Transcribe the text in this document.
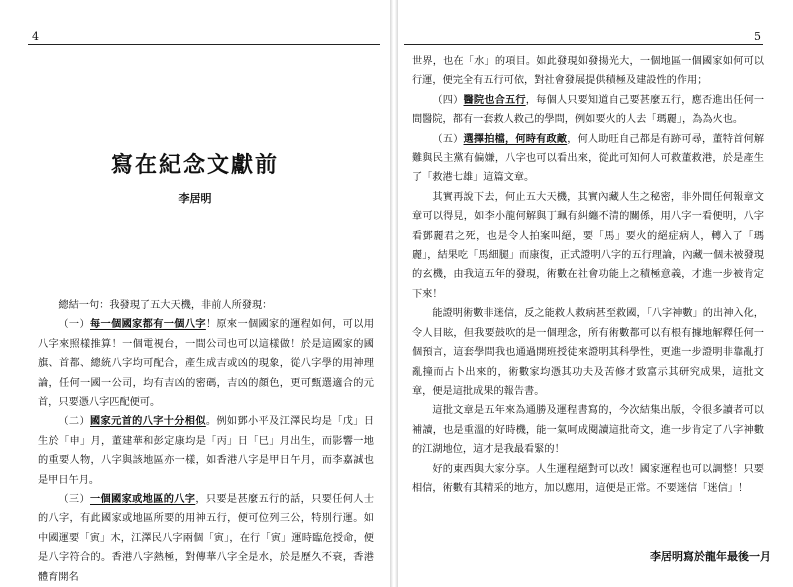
4
寫在紀念文獻前
李居明

總結一句：我發現了五大天機，非前人所發現：

（一）每一個國家都有一個八字！原來一個國家的運程如何，可以用八字來照樣推算！一個電視台，一間公司也可以這樣做！於是這國家的國旗、首都、總統八字均可配合，產生成吉或凶的現象，從八字學的用神理論，任何一國一公司，均有吉凶的密碼，吉凶的顏色，更可甄選適合的元首，只要憑八字匹配便可。

（二）國家元首的八字十分相似。例如鄧小平及江澤民均是「戊」日生於「申」月，董建華和彭定康均是「丙」日「巳」月出生，而影響一地的重要人物，八字與該地區亦一樣，如香港八字是甲日午月，而李嘉誠也是甲日午月。

（三）一個國家或地區的八字，只要是甚麼五行的話，只要任何人士的八字，有此國家或地區所要的用神五行，便可位列三公，特別行運。如中國運要「寅」木，江澤民八字兩個「寅」，在行「寅」運時臨危授命，便是八字符合的。香港八字熱極，對傳華八字全是水，於是歷久不衰，香港體育開名

5

世界，也在「水」的項目。如此發現如發揚光大，一個地區一個國家如何可以行運，便完全有五行可依，對社會發展提供積極及建設性的作用；

（四）醫院也合五行，每個人只要知道自己要甚麼五行，應否進出任何一間醫院，都有一套救人救己的學問，例如要火的人去「瑪麗」，為為火也。

（五）選擇拍檔，何時有政敵，何人助旺自己都是有跡可尋，董特首何解難與民主黨有偏嫌，八字也可以看出來，從此可知何人可救董救港，於是產生了「救港七雄」這篇文章。

其實再說下去，何止五大天機，其實內藏人生之秘密，非外間任何報章文章可以得見，如李小龍何解與丁珮有糾纏不清的關係，用八字一看便明，八字看鄧麗君之死，也是令人拍案叫絕，要「馬」要火的絕症病人，轉入了「瑪麗」，結果吃「馬細腿」而康復，正式證明八字的五行理論，內藏一個未被發現的玄機，由我這五年的發現，術數在社會功能上之積極意義，才進一步被肯定下來！

能證明術數非迷信，反之能救人救病甚至救國，「八字神數」的出神入化，令人目眩，但我要鼓吹的是一個理念，所有術數都可以有根有據地解釋任何一個預言，這套學問我也通過開班授徒來證明其科學性，更進一步證明非靠亂打亂撞而占卜出來的，術數家均憑其功夫及苦修才致富示其研究成果，這批文章，便是這批成果的報告書。

這批文章是五年來為通勝及運程書寫的，今次結集出版，令很多讀者可以補讀，也是重溫的好時機，能一氣呵成閱讀這批奇文，進一步肯定了八字神數的江湖地位，這才是我最看緊的！

好的東西與大家分享。人生運程絕對可以改！國家運程也可以調整！只要相信，術數有其精采的地方，加以應用，這便是正常。不要迷信「迷信」！

李居明寫於龍年最後一月
